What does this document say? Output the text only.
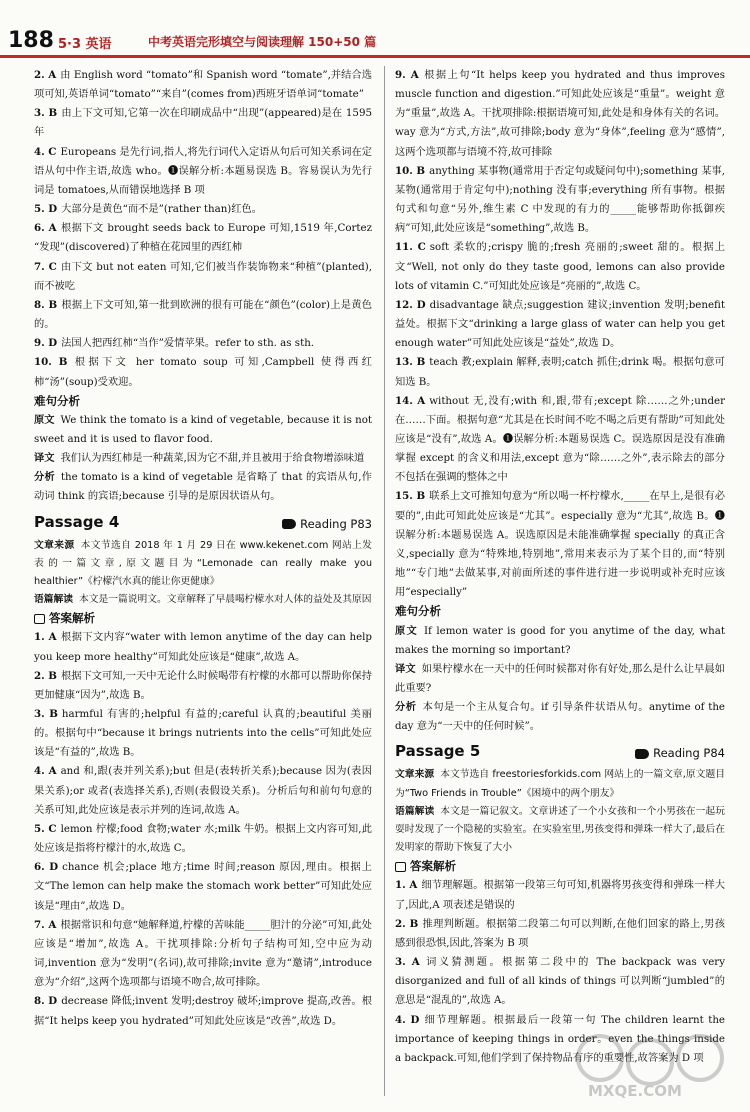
188 5·3 英语	中考英语完形填空与阅读理解 150+50 篇

2. A 由 English word “tomato”和 Spanish word “tomate”,并结合选项可知,英语单词“tomato”“来自”(comes from)西班牙语单词“tomate”

3. B 由上下文可知,它第一次在印刷成品中“出现”(appeared)是在 1595 年

4. C Europeans 是先行词,指人,将先行词代入定语从句后可知关系词在定语从句中作主语,故选 who。❶误解分析:本题易误选 B。容易误认为先行词是 tomatoes,从而错误地选择 B 项

5. D 大部分是黄色“而不是”(rather than)红色。

6. A 根据下文 brought seeds back to Europe 可知,1519 年,Cortez “发现”(discovered)了种植在花园里的西红柿

7. C 由下文 but not eaten 可知,它们被当作装饰物来“种植”(planted),而不被吃

8. B 根据上下文可知,第一批到欧洲的很有可能在“颜色”(color)上是黄色的。

9. D 法国人把西红柿“当作”爱情苹果。refer to sth. as sth.

10. B 根据下文 her tomato soup 可知,Campbell 使得西红柿“汤”(soup)受欢迎。

难句分析

原文 We think the tomato is a kind of vegetable, because it is not sweet and it is used to flavor food.

译文 我们认为西红柿是一种蔬菜,因为它不甜,并且被用于给食物增添味道

分析 the tomato is a kind of vegetable 是省略了 that 的宾语从句,作动词 think 的宾语;because 引导的是原因状语从句。

Passage 4	Reading P83

文章来源 本文节选自 2018 年 1 月 29 日在 www.kekenet.com 网站上发表的一篇文章,原文题目为“Lemonade can really make you healthier”《柠檬汽水真的能让你更健康》

语篇解读 本文是一篇说明文。文章解释了早晨喝柠檬水对人体的益处及其原因

答案解析

1. A 根据下文内容“water with lemon anytime of the day can help you keep more healthy”可知此处应该是“健康”,故选 A。

2. B 根据下文可知,一天中无论什么时候喝带有柠檬的水都可以帮助你保持更加健康“因为”,故选 B。

3. B harmful 有害的;helpful 有益的;careful 认真的;beautiful 美丽的。根据句中“because it brings nutrients into the cells”可知此处应该是“有益的”,故选 B。

4. A and 和,跟(表并列关系);but 但是(表转折关系);because 因为(表因果关系);or 或者(表选择关系),否则(表假设关系)。分析后句和前句句意的关系可知,此处应该是表示并列的连词,故选 A。

5. C lemon 柠檬;food 食物;water 水;milk 牛奶。根据上文内容可知,此处应该是指将柠檬汁的水,故选 C。

6. D chance 机会;place 地方;time 时间;reason 原因,理由。根据上文“The lemon can help make the stomach work better”可知此处应该是“理由”,故选 D。

7. A 根据常识和句意“她解释道,柠檬的苦味能_____胆汁的分泌”可知,此处应该是“增加”,故选 A。干扰项排除:分析句子结构可知,空中应为动词,invention 意为“发明”(名词),故可排除;invite 意为“邀请”,introduce 意为“介绍”,这两个选项都与语境不吻合,故可排除。

8. D decrease 降低;invent 发明;destroy 破坏;improve 提高,改善。根据“It helps keep you hydrated”可知此处应该是“改善”,故选 D。

9. A 根据上句“It helps keep you hydrated and thus improves muscle function and digestion.”可知此处应该是“重量”。weight 意为“重量”,故选 A。干扰项排除:根据语境可知,此处是和身体有关的名词。way 意为“方式,方法”,故可排除;body 意为“身体”,feeling 意为“感情”,这两个选项都与语境不符,故可排除

10. B anything 某事物(通常用于否定句或疑问句中);something 某事,某物(通常用于肯定句中);nothing 没有事;everything 所有事物。根据句式和句意“另外,维生素 C 中发现的有力的_____能够帮助你抵御疾病”可知,此处应该是“something”,故选 B。

11. C soft 柔软的;crispy 脆的;fresh 亮丽的;sweet 甜的。根据上文“Well, not only do they taste good, lemons can also provide lots of vitamin C.”可知此处应该是“亮丽的”,故选 C。

12. D disadvantage 缺点;suggestion 建议;invention 发明;benefit 益处。根据下文“drinking a large glass of water can help you get enough water”可知此处应该是“益处”,故选 D。

13. B teach 教;explain 解释,表明;catch 抓住;drink 喝。根据句意可知选 B。

14. A without 无,没有;with 和,跟,带有;except 除……之外;under 在……下面。根据句意“尤其是在长时间不吃不喝之后更有帮助”可知此处应该是“没有”,故选 A。❶误解分析:本题易误选 C。误选原因是没有准确掌握 except 的含义和用法,except 意为“除……之外”,表示除去的部分不包括在强调的整体之中

15. B 联系上文可推知句意为“所以喝一杯柠檬水,_____在早上,是很有必要的”,由此可知此处应该是“尤其”。especially 意为“尤其”,故选 B。❶误解分析:本题易误选 A。误选原因是未能准确掌握 specially 的真正含义,specially 意为“特殊地,特别地”,常用来表示为了某个目的,而“特别地”“专门地”去做某事,对前面所述的事件进行进一步说明或补充时应该用“especially”

难句分析

原文 If lemon water is good for you anytime of the day, what makes the morning so important?

译文 如果柠檬水在一天中的任何时候都对你有好处,那么是什么让早晨如此重要?

分析 本句是一个主从复合句。if 引导条件状语从句。anytime of the day 意为“一天中的任何时候”。

Passage 5	Reading P84

文章来源 本文节选自 freestoriesforkids.com 网站上的一篇文章,原文题目为“Two Friends in Trouble”《困境中的两个朋友》

语篇解读 本文是一篇记叙文。文章讲述了一个小女孩和一个小男孩在一起玩耍时发现了一个隐秘的实验室。在实验室里,男孩变得和弹珠一样大了,最后在发明家的帮助下恢复了大小

答案解析

1. A 细节理解题。根据第一段第三句可知,机器将男孩变得和弹珠一样大了,因此,A 项表述是错误的

2. B 推理判断题。根据第二段第二句可以判断,在他们回家的路上,男孩感到很恐惧,因此,答案为 B 项

3. A 词义猜测题。根据第二段中的 The backpack was very disorganized and full of all kinds of things 可以判断“jumbled”的意思是“混乱的”,故选 A。

4. D 细节理解题。根据最后一段第一句 The children learnt the importance of keeping things in order。even the things inside a backpack.可知,他们学到了保持物品有序的重要性,故答案为 D 项

MXQE.COM
